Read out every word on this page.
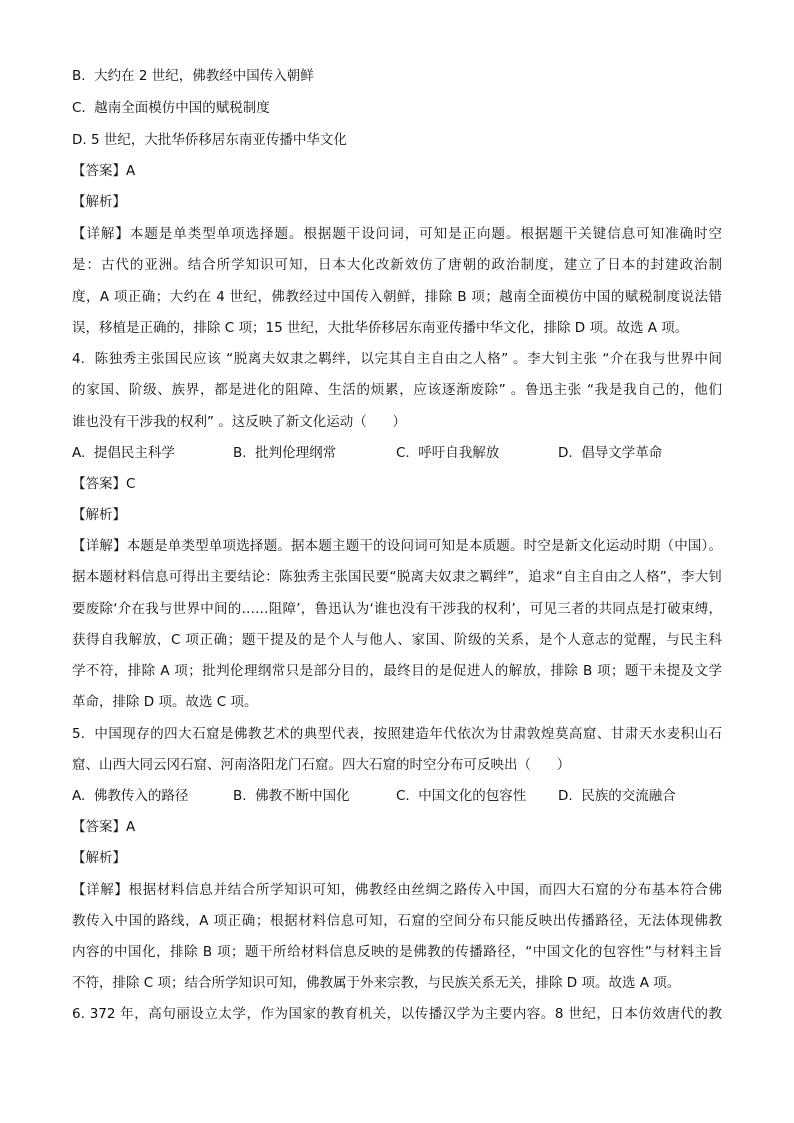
B.  大约在 2 世纪，佛教经中国传入朝鲜
C.  越南全面模仿中国的赋税制度
D. 5 世纪，大批华侨移居东南亚传播中华文化
【答案】A
【解析】
【详解】本题是单类型单项选择题。根据题干设问词，可知是正向题。根据题干关键信息可知准确时空
是：古代的亚洲。结合所学知识可知，日本大化改新效仿了唐朝的政治制度，建立了日本的封建政治制
度，A 项正确；大约在 4 世纪，佛教经过中国传入朝鲜，排除 B 项；越南全面模仿中国的赋税制度说法错
误，移植是正确的，排除 C 项；15 世纪，大批华侨移居东南亚传播中华文化，排除 D 项。故选 A 项。
4.  陈独秀主张国民应该 “脱离夫奴隶之羁绊，以完其自主自由之人格” 。李大钊主张 “介在我与世界中间
的家国、阶级、族界，都是进化的阻障、生活的烦累，应该逐渐废除” 。鲁迅主张 “我是我自己的，他们
谁也没有干涉我的权利” 。这反映了新文化运动（      ）
A.  提倡民主科学	B.  批判伦理纲常	C.  呼吁自我解放	D.  倡导文学革命
【答案】C
【解析】
【详解】本题是单类型单项选择题。据本题主题干的设问词可知是本质题。时空是新文化运动时期（中国）。
据本题材料信息可得出主要结论：陈独秀主张国民要“脱离夫奴隶之羁绊”，追求“自主自由之人格”，李大钊
要废除‘介在我与世界中间的……阻障’，鲁迅认为‘谁也没有干涉我的权利’，可见三者的共同点是打破束缚，
获得自我解放，C 项正确；题干提及的是个人与他人、家国、阶级的关系，是个人意志的觉醒，与民主科
学不符，排除 A 项；批判伦理纲常只是部分目的，最终目的是促进人的解放，排除 B 项；题干未提及文学
革命，排除 D 项。故选 C 项。
5.  中国现存的四大石窟是佛教艺术的典型代表，按照建造年代依次为甘肃敦煌莫高窟、甘肃天水麦积山石
窟、山西大同云冈石窟、河南洛阳龙门石窟。四大石窟的时空分布可反映出（      ）
A.  佛教传入的路径	B.  佛教不断中国化	C.  中国文化的包容性 D.  民族的交流融合
【答案】A
【解析】
【详解】根据材料信息并结合所学知识可知，佛教经由丝绸之路传入中国，而四大石窟的分布基本符合佛
教传入中国的路线，A 项正确；根据材料信息可知，石窟的空间分布只能反映出传播路径，无法体现佛教
内容的中国化，排除 B 项；题干所给材料信息反映的是佛教的传播路径，“中国文化的包容性”与材料主旨
不符，排除 C 项；结合所学知识可知，佛教属于外来宗教，与民族关系无关，排除 D 项。故选 A 项。
6. 372 年，高句丽设立太学，作为国家的教育机关，以传播汉学为主要内容。8 世纪，日本仿效唐代的教
